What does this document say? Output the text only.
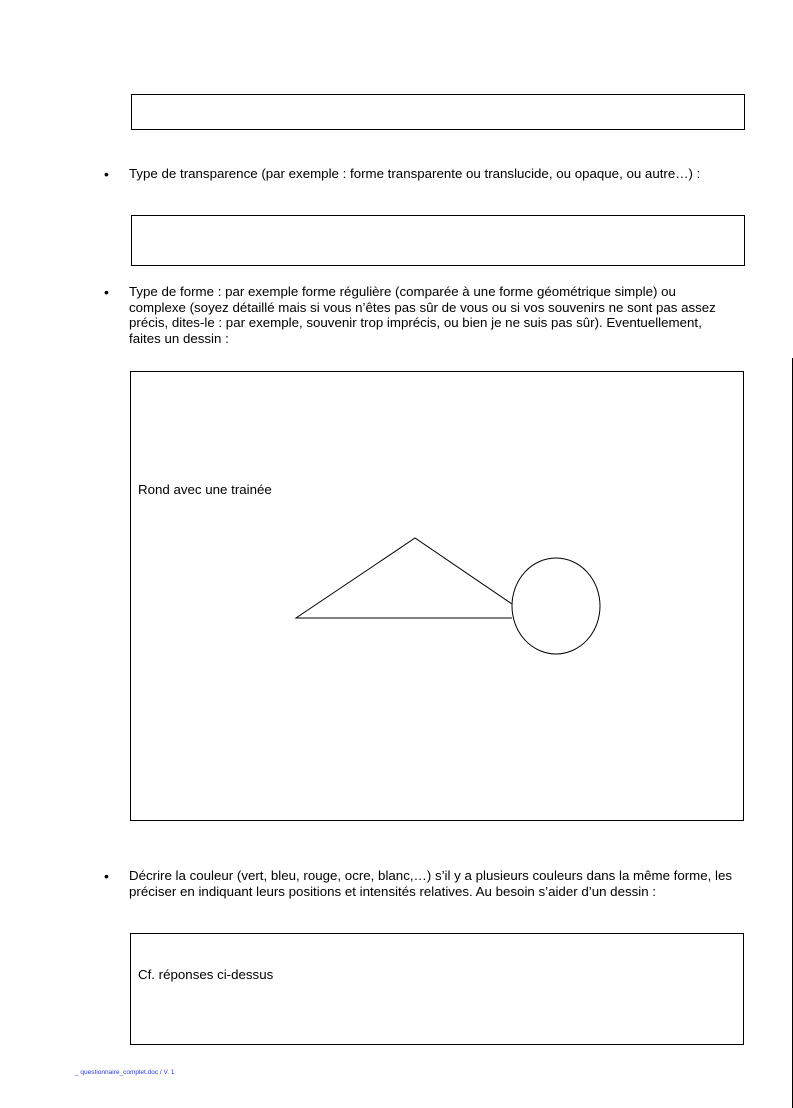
• Type de transparence (par exemple : forme transparente ou translucide, ou opaque, ou autre…) :
• Type de forme : par exemple forme régulière (comparée à une forme géométrique simple) ou
complexe (soyez détaillé mais si vous n’êtes pas sûr de vous ou si vos souvenirs ne sont pas assez
précis, dites-le : par exemple, souvenir trop imprécis, ou bien je ne suis pas sûr). Eventuellement,
faites un dessin :
Rond avec une trainée
• Décrire la couleur (vert, bleu, rouge, ocre, blanc,…) s’il y a plusieurs couleurs dans la même forme, les
préciser en indiquant leurs positions et intensités relatives. Au besoin s’aider d’un dessin :
Cf. réponses ci-dessus
_ questionnaire_complet.doc / V. 1
